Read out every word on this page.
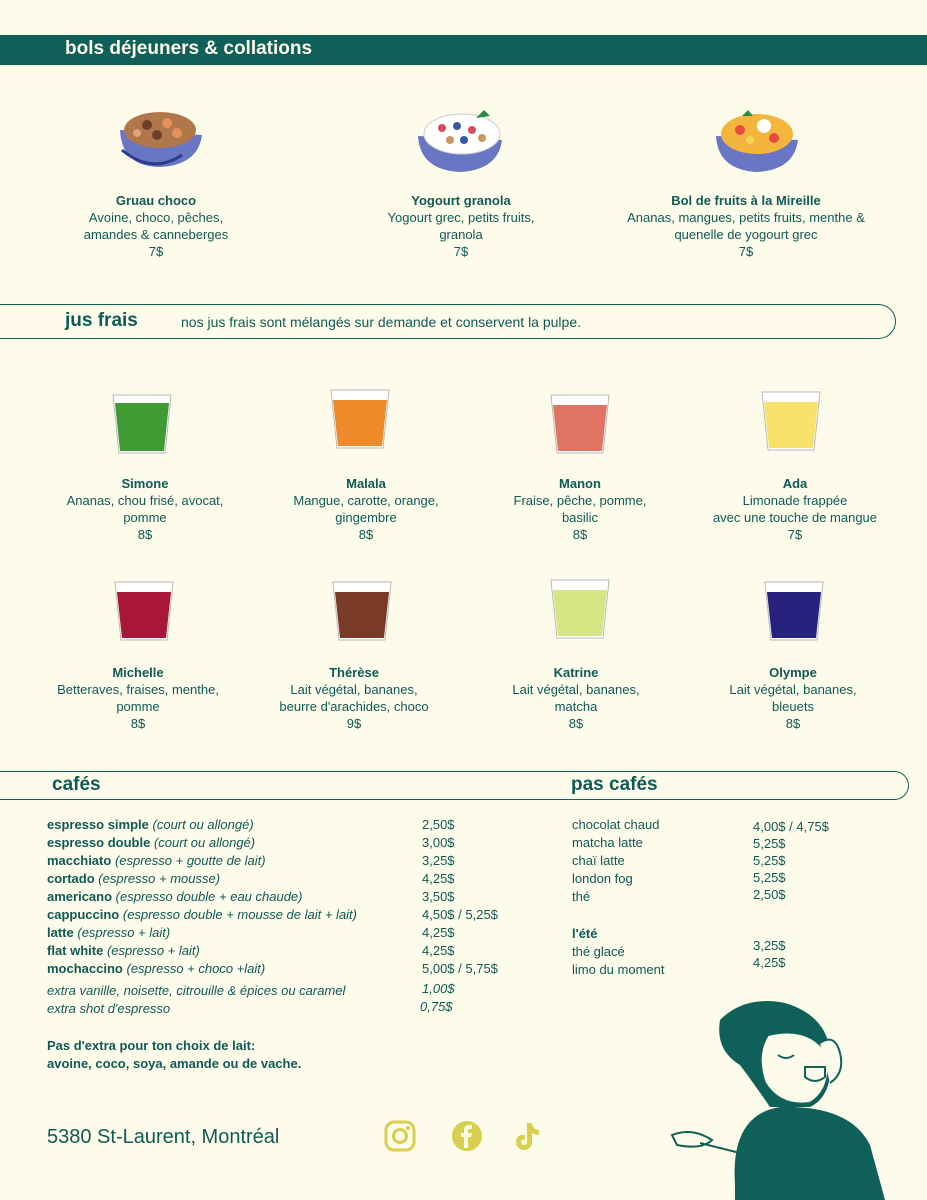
bols déjeuners & collations
Gruau choco
Avoine, choco, pêches,
amandes & canneberges
7$
Yogourt granola
Yogourt grec, petits fruits,
granola
7$
Bol de fruits à la Mireille
Ananas, mangues, petits fruits, menthe &
quenelle de yogourt grec
7$
jus frais	nos jus frais sont mélangés sur demande et conservent la pulpe.
Simone
Ananas, chou frisé, avocat,
pomme
8$
Malala
Mangue, carotte, orange,
gingembre
8$
Manon
Fraise, pêche, pomme,
basilic
8$
Ada
Limonade frappée
avec une touche de mangue
7$
Michelle
Betteraves, fraises, menthe,
pomme
8$
Thérèse
Lait végétal, bananes,
beurre d'arachides, choco
9$
Katrine
Lait végétal, bananes,
matcha
8$
Olympe
Lait végétal, bananes,
bleuets
8$
cafés	pas cafés
espresso simple (court ou allongé)
espresso double (court ou allongé)
macchiato (espresso + goutte de lait)
cortado (espresso + mousse)
americano (espresso double + eau chaude)
cappuccino (espresso double + mousse de lait + lait)
latte (espresso + lait)
flat white (espresso + lait)
mochaccino (espresso + choco +lait)
extra vanille, noisette, citrouille & épices ou caramel
extra shot d'espresso
2,50$
3,00$
3,25$
4,25$
3,50$
4,50$ / 5,25$
4,25$
4,25$
5,00$ / 5,75$
1,00$
0,75$
Pas d'extra pour ton choix de lait:
avoine, coco, soya, amande ou de vache.
chocolat chaud
matcha latte
chaï latte
london fog
thé
l'été
thé glacé
limo du moment
4,00$ / 4,75$
5,25$
5,25$
5,25$
2,50$
3,25$
4,25$
5380 St-Laurent, Montréal
